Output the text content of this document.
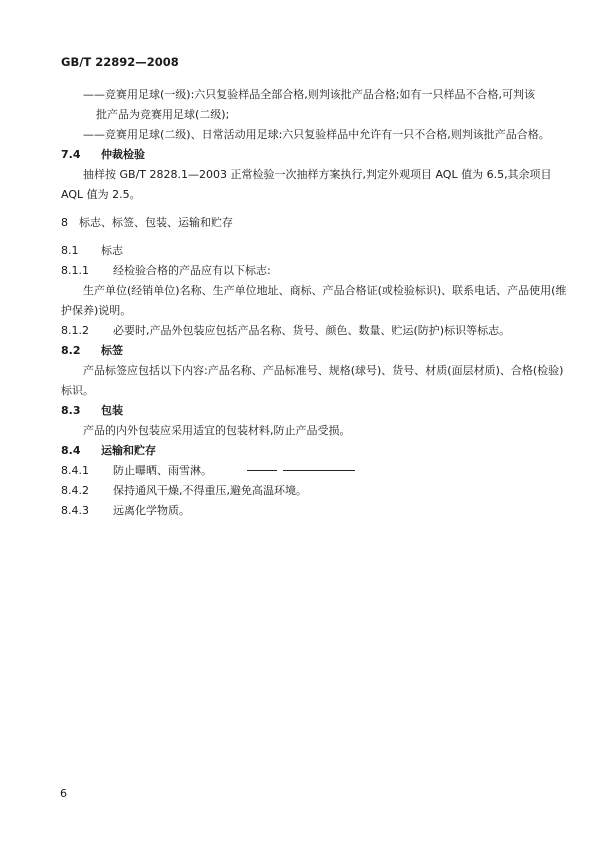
GB/T 22892—2008
——竞赛用足球(一级):六只复验样品全部合格,则判该批产品合格;如有一只样品不合格,可判该
批产品为竞赛用足球(二级);
——竞赛用足球(二级)、日常活动用足球:六只复验样品中允许有一只不合格,则判该批产品合格。
7.4 仲裁检验
抽样按 GB/T 2828.1—2003 正常检验一次抽样方案执行,判定外观项目 AQL 值为 6.5,其余项目
AQL 值为 2.5。
8 标志、标签、包装、运输和贮存
8.1 标志
8.1.1 经检验合格的产品应有以下标志:
生产单位(经销单位)名称、生产单位地址、商标、产品合格证(或检验标识)、联系电话、产品使用(维
护保养)说明。
8.1.2 必要时,产品外包装应包括产品名称、货号、颜色、数量、贮运(防护)标识等标志。
8.2 标签
产品标签应包括以下内容:产品名称、产品标准号、规格(球号)、货号、材质(面层材质)、合格(检验)
标识。
8.3 包装
产品的内外包装应采用适宜的包装材料,防止产品受损。
8.4 运输和贮存
8.4.1 防止曝晒、雨雪淋。
8.4.2 保持通风干燥,不得重压,避免高温环境。
8.4.3 远离化学物质。
6
